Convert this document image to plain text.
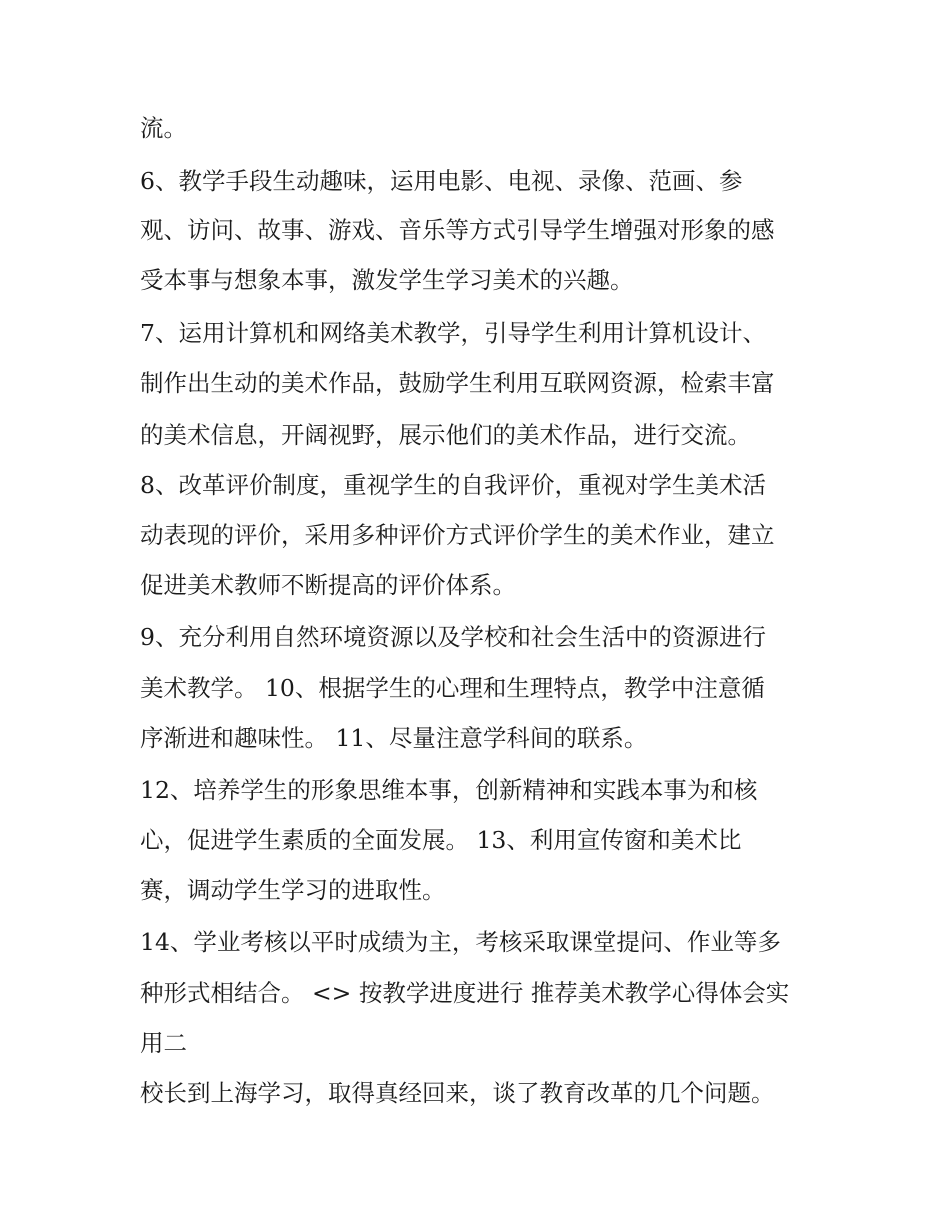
流。
6、教学手段生动趣味，运用电影、电视、录像、范画、参
观、访问、故事、游戏、音乐等方式引导学生增强对形象的感
受本事与想象本事，激发学生学习美术的兴趣。
7、运用计算机和网络美术教学，引导学生利用计算机设计、
制作出生动的美术作品，鼓励学生利用互联网资源，检索丰富
的美术信息，开阔视野，展示他们的美术作品，进行交流。
8、改革评价制度，重视学生的自我评价，重视对学生美术活
动表现的评价，采用多种评价方式评价学生的美术作业，建立
促进美术教师不断提高的评价体系。
9、充分利用自然环境资源以及学校和社会生活中的资源进行
美术教学。 10、根据学生的心理和生理特点，教学中注意循
序渐进和趣味性。 11、尽量注意学科间的联系。
12、培养学生的形象思维本事，创新精神和实践本事为和核
心，促进学生素质的全面发展。 13、利用宣传窗和美术比
赛，调动学生学习的进取性。
14、学业考核以平时成绩为主，考核采取课堂提问、作业等多
种形式相结合。 <> 按教学进度进行 推荐美术教学心得体会实
用二
校长到上海学习，取得真经回来，谈了教育改革的几个问题。
